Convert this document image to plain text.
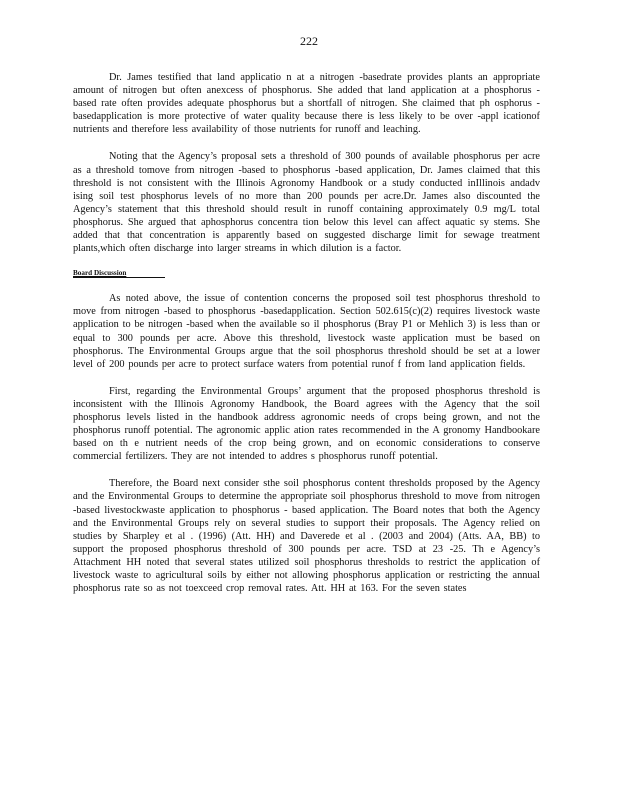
222

Dr. James testified that land applicatio n at a nitrogen -basedrate provides plants an appropriate amount of nitrogen but often anexcess of phosphorus. She added that land application at a phosphorus -based rate often provides adequate phosphorus but a shortfall of nitrogen. She claimed that ph osphorus -basedapplication is more protective of water quality because there is less likely to be over -appl icationof nutrients and therefore less availability of those nutrients for runoff and leaching.

Noting that the Agency’s proposal sets a threshold of 300 pounds of available phosphorus per acre as a threshold tomove from nitrogen -based to phosphorus -based application, Dr. James claimed that this threshold is not consistent with the Illinois Agronomy Handbook or a study conducted inIllinois andadv ising soil test phosphorus levels of no more than 200 pounds per acre.Dr. James also discounted the Agency’s statement that this threshold should result in runoff containing approximately 0.9 mg/L total phosphorus. She argued that aphosphorus concentra tion below this level can affect aquatic sy stems. She added that that concentration is apparently based on suggested discharge limit for sewage treatment plants,which often discharge into larger streams in which dilution is a factor.

Board Discussion

As noted above, the issue of contention concerns the proposed soil test phosphorus threshold to move from nitrogen -based to phosphorus -basedapplication. Section 502.615(c)(2) requires livestock waste application to be nitrogen -based when the available so il phosphorus (Bray P1 or Mehlich 3) is less than or equal to 300 pounds per acre. Above this threshold, livestock waste application must be based on phosphorus. The Environmental Groups argue that the soil phosphorus threshold should be set at a lower level of 200 pounds per acre to protect surface waters from potential runof f from land application fields.

First, regarding the Environmental Groups’ argument that the proposed phosphorus threshold is inconsistent with the Illinois Agronomy Handbook, the Board agrees with the Agency that the soil phosphorus levels listed in the handbook address agronomic needs of crops being grown, and not the phosphorus runoff potential. The agronomic applic ation rates recommended in the A gronomy Handbookare based on th e nutrient needs of the crop being grown, and on economic considerations to conserve commercial fertilizers. They are not intended to addres s phosphorus runoff potential.

Therefore, the Board next consider sthe soil phosphorus content thresholds proposed by the Agency and the Environmental Groups to determine the appropriate soil phosphorus threshold to move from nitrogen -based livestockwaste application to phosphorus - based application. The Board notes that both the Agency and the Environmental Groups rely on several studies to support their proposals. The Agency relied on studies by Sharpley et al . (1996) (Att. HH) and Daverede et al . (2003 and 2004) (Atts. AA, BB) to support the proposed phosphorus threshold of 300 pounds per acre. TSD at 23 -25. Th e Agency’s Attachment HH noted that several states utilized soil phosphorus thresholds to restrict the application of livestock waste to agricultural soils by either not allowing phosphorus application or restricting the annual phosphorus rate so as not toexceed crop removal rates. Att. HH at 163. For the seven states
